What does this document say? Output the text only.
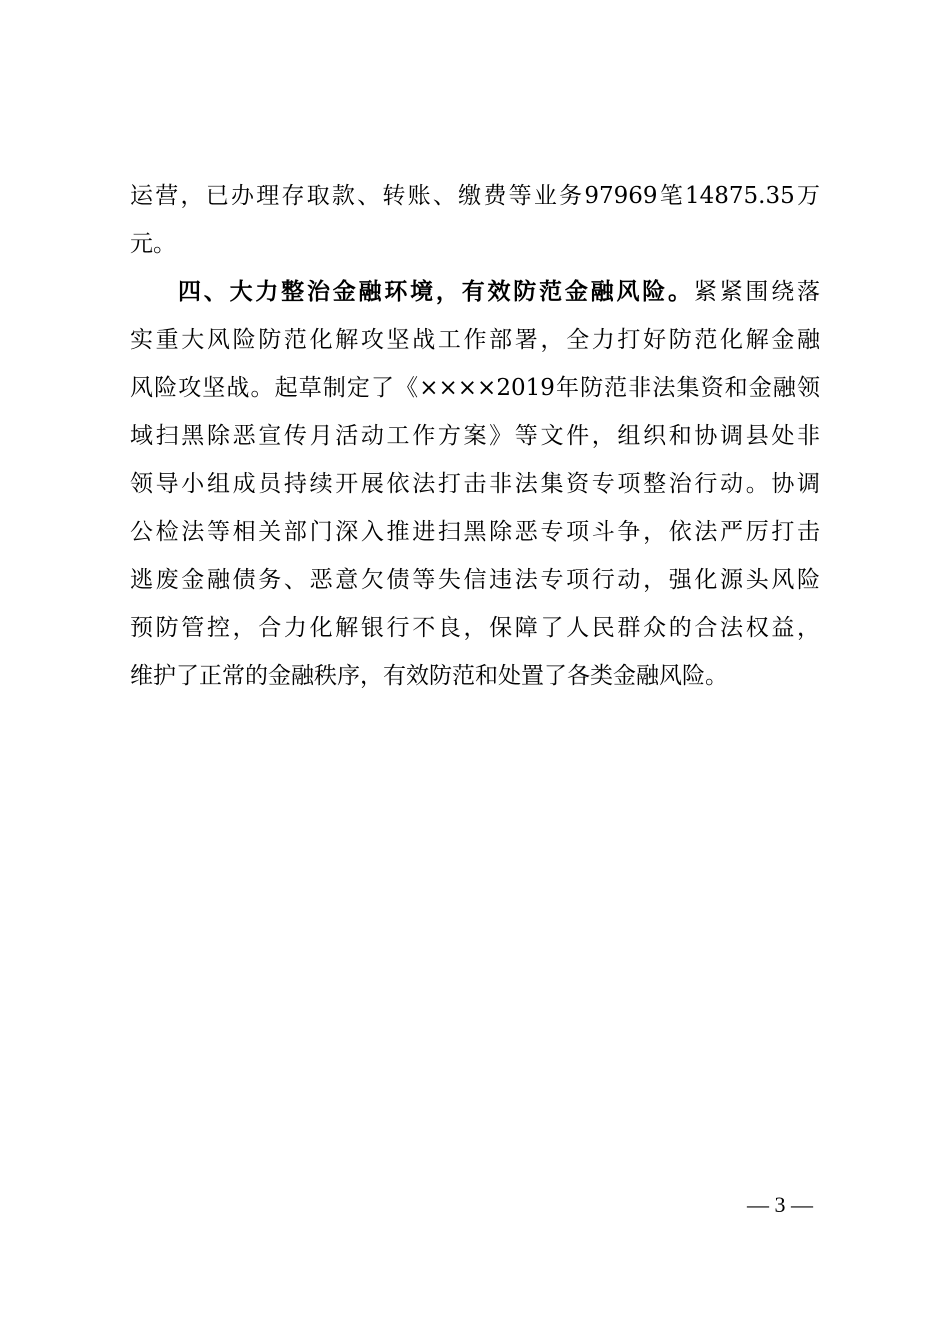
运营，已办理存取款、转账、缴费等业务97969笔14875.35万
元。
四、大力整治金融环境，有效防范金融风险。紧紧围绕落
实重大风险防范化解攻坚战工作部署，全力打好防范化解金融
风险攻坚战。起草制定了《××××2019年防范非法集资和金融领
域扫黑除恶宣传月活动工作方案》等文件，组织和协调县处非
领导小组成员持续开展依法打击非法集资专项整治行动。协调
公检法等相关部门深入推进扫黑除恶专项斗争，依法严厉打击
逃废金融债务、恶意欠债等失信违法专项行动，强化源头风险
预防管控，合力化解银行不良，保障了人民群众的合法权益，
维护了正常的金融秩序，有效防范和处置了各类金融风险。
— 3 —
